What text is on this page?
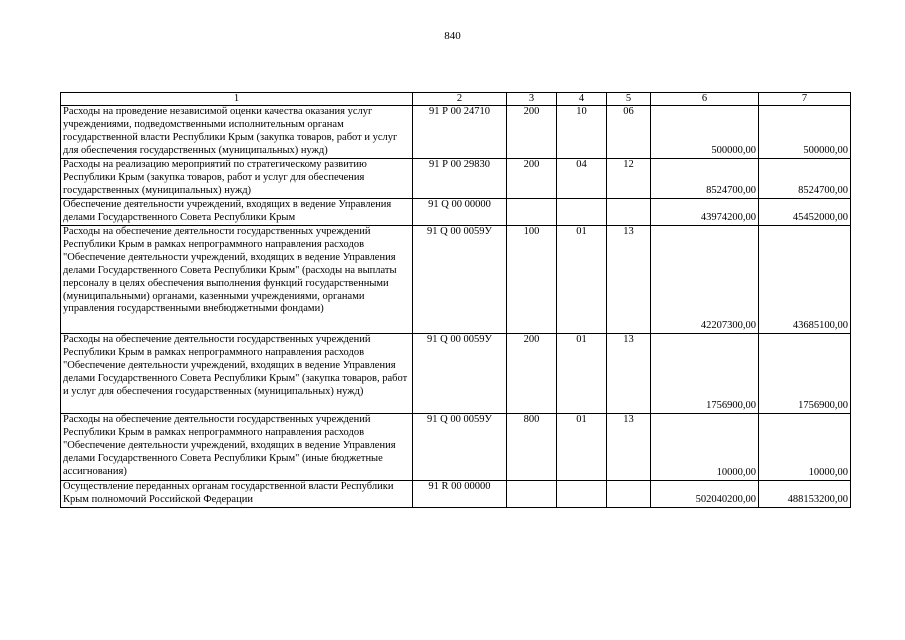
840
1	2	3	4	5	6	7
Расходы на проведение независимой оценки качества оказания услуг учреждениями, подведомственными исполнительным органам государственной власти Республики Крым (закупка товаров, работ и услуг для обеспечения государственных (муниципальных) нужд)	91 Р 00 24710	200	10	06	500000,00	500000,00
Расходы на реализацию мероприятий по стратегическому развитию Республики Крым (закупка товаров, работ и услуг для обеспечения государственных (муниципальных) нужд)	91 Р 00 29830	200	04	12	8524700,00	8524700,00
Обеспечение деятельности учреждений, входящих в ведение Управления делами Государственного Совета Республики Крым	91 Q 00 00000				43974200,00	45452000,00
Расходы на обеспечение деятельности государственных учреждений Республики Крым в рамках непрограммного направления расходов "Обеспечение деятельности учреждений, входящих в ведение Управления делами Государственного Совета Республики Крым" (расходы на выплаты персоналу в целях обеспечения выполнения функций государственными (муниципальными) органами, казенными учреждениями, органами управления государственными внебюджетными фондами)	91 Q 00 0059У	100	01	13	42207300,00	43685100,00
Расходы на обеспечение деятельности государственных учреждений Республики Крым в рамках непрограммного направления расходов "Обеспечение деятельности учреждений, входящих в ведение Управления делами Государственного Совета Республики Крым" (закупка товаров, работ и услуг для обеспечения государственных (муниципальных) нужд)	91 Q 00 0059У	200	01	13	1756900,00	1756900,00
Расходы на обеспечение деятельности государственных учреждений Республики Крым в рамках непрограммного направления расходов "Обеспечение деятельности учреждений, входящих в ведение Управления делами Государственного Совета Республики Крым" (иные бюджетные ассигнования)	91 Q 00 0059У	800	01	13	10000,00	10000,00
Осуществление переданных органам государственной власти Республики Крым полномочий Российской Федерации	91 R 00 00000				502040200,00	488153200,00
